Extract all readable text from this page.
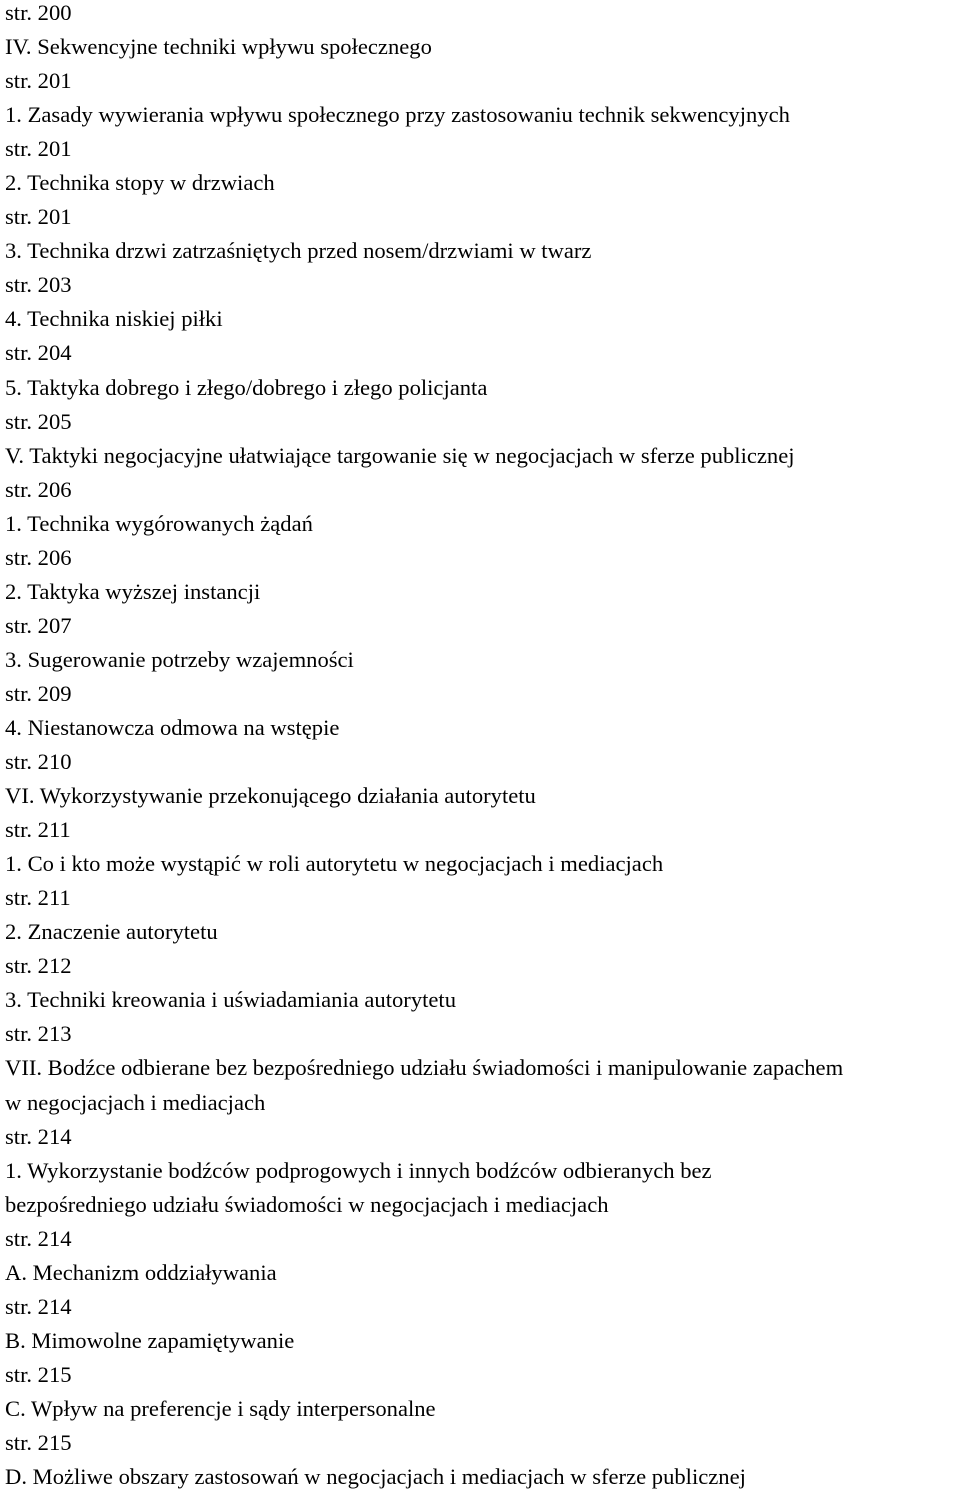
str. 200
IV. Sekwencyjne techniki wpływu społecznego
str. 201
1. Zasady wywierania wpływu społecznego przy zastosowaniu technik sekwencyjnych
str. 201
2. Technika stopy w drzwiach
str. 201
3. Technika drzwi zatrzaśniętych przed nosem/drzwiami w twarz
str. 203
4. Technika niskiej piłki
str. 204
5. Taktyka dobrego i złego/dobrego i złego policjanta
str. 205
V. Taktyki negocjacyjne ułatwiające targowanie się w negocjacjach w sferze publicznej
str. 206
1. Technika wygórowanych żądań
str. 206
2. Taktyka wyższej instancji
str. 207
3. Sugerowanie potrzeby wzajemności
str. 209
4. Niestanowcza odmowa na wstępie
str. 210
VI. Wykorzystywanie przekonującego działania autorytetu
str. 211
1. Co i kto może wystąpić w roli autorytetu w negocjacjach i mediacjach
str. 211
2. Znaczenie autorytetu
str. 212
3. Techniki kreowania i uświadamiania autorytetu
str. 213
VII. Bodźce odbierane bez bezpośredniego udziału świadomości i manipulowanie zapachem
w negocjacjach i mediacjach
str. 214
1. Wykorzystanie bodźców podprogowych i innych bodźców odbieranych bez
bezpośredniego udziału świadomości w negocjacjach i mediacjach
str. 214
A. Mechanizm oddziaływania
str. 214
B. Mimowolne zapamiętywanie
str. 215
C. Wpływ na preferencje i sądy interpersonalne
str. 215
D. Możliwe obszary zastosowań w negocjacjach i mediacjach w sferze publicznej
